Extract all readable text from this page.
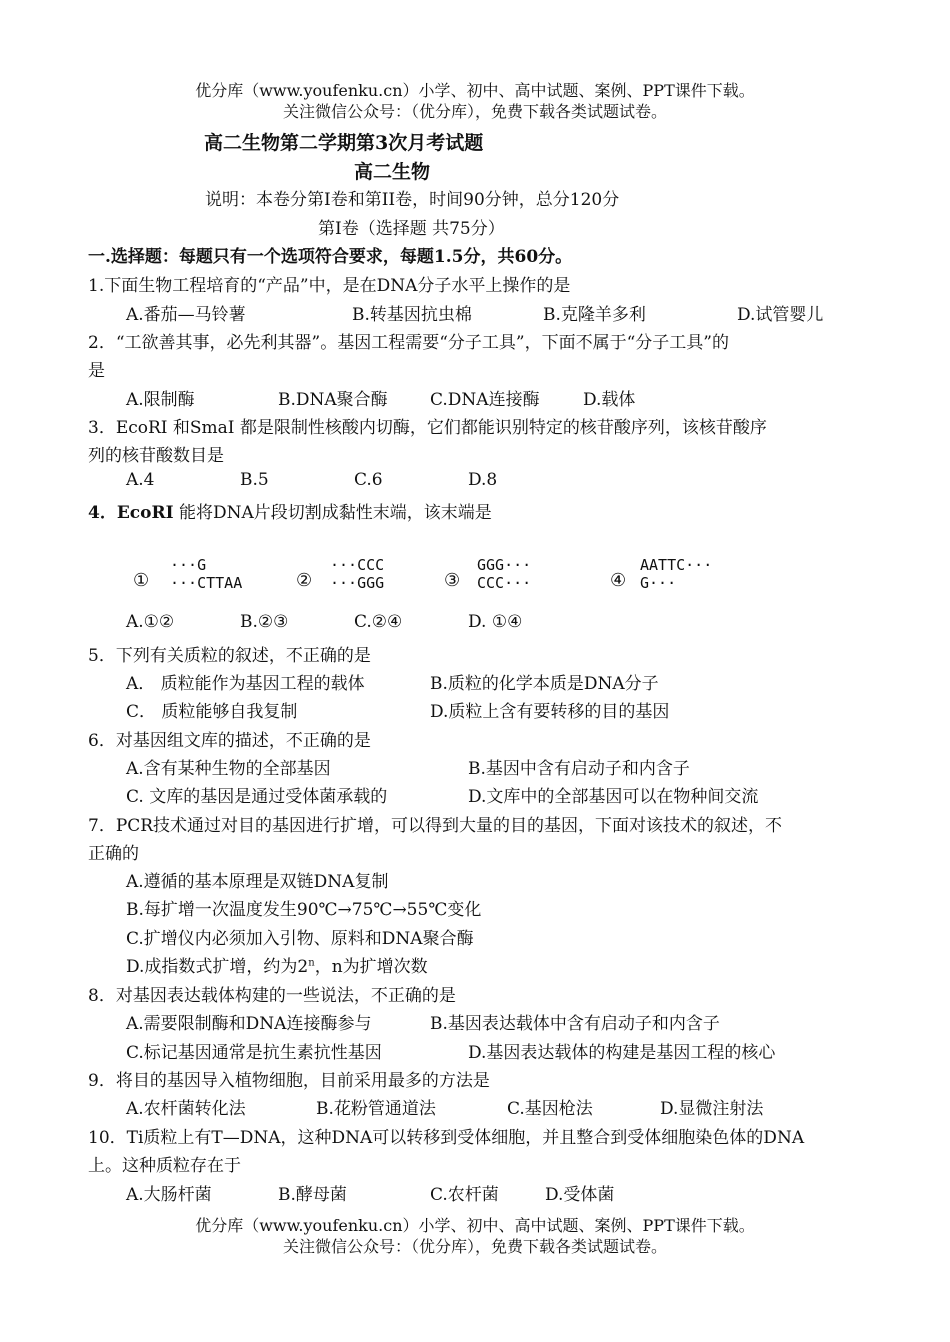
优分库（www.youfenku.cn）小学、初中、高中试题、案例、PPT课件下载。
关注微信公众号：（优分库），免费下载各类试题试卷。
高二生物第二学期第3次月考试题
高二生物
说明：本卷分第I卷和第II卷，时间90分钟，总分120分
第Ⅰ卷（选择题 共75分）
一.选择题：每题只有一个选项符合要求，每题1.5分，共60分。
1.下面生物工程培育的“产品”中，是在DNA分子水平上操作的是
A.番茄—马铃薯	B.转基因抗虫棉	B.克隆羊多利	D.试管婴儿
2．“工欲善其事，必先利其器”。基因工程需要“分子工具”，下面不属于“分子工具”的
是
A.限制酶	B.DNA聚合酶 C.DNA连接酶	D.载体
3．EcoRⅠ 和SmaⅠ 都是限制性核酸内切酶，它们都能识别特定的核苷酸序列，该核苷酸序
列的核苷酸数目是
A.4	B.5	C.6	D.8
4．EcoRⅠ 能将DNA片段切割成黏性末端，该末端是
①
···G
···CTTAA	②
···CCC
···GGG	③
GGG···
CCC···	④
AATTC···
G···
A.①②	B.②③	C.②④	D. ①④
5．下列有关质粒的叙述，不正确的是
A． 质粒能作为基因工程的载体	B.质粒的化学本质是DNA分子
C． 质粒能够自我复制	D.质粒上含有要转移的目的基因
6．对基因组文库的描述，不正确的是
A.含有某种生物的全部基因	B.基因中含有启动子和内含子
C. 文库的基因是通过受体菌承载的	D.文库中的全部基因可以在物种间交流
7．PCR技术通过对目的基因进行扩增，可以得到大量的目的基因，下面对该技术的叙述，不
正确的
A.遵循的基本原理是双链DNA复制
B.每扩增一次温度发生90℃→75℃→55℃变化
C.扩增仪内必须加入引物、原料和DNA聚合酶
D.成指数式扩增，约为2$^n$，n为扩增次数
8．对基因表达载体构建的一些说法，不正确的是
A.需要限制酶和DNA连接酶参与	B.基因表达载体中含有启动子和内含子
C.标记基因通常是抗生素抗性基因	D.基因表达载体的构建是基因工程的核心
9．将目的基因导入植物细胞，目前采用最多的方法是
A.农杆菌转化法	B.花粉管通道法	C.基因枪法	D.显微注射法
10．Ti质粒上有T—DNA，这种DNA可以转移到受体细胞，并且整合到受体细胞染色体的DNA
上。这种质粒存在于
A.大肠杆菌	B.酵母菌	C.农杆菌	D.受体菌
优分库（www.youfenku.cn）小学、初中、高中试题、案例、PPT课件下载。
关注微信公众号：（优分库），免费下载各类试题试卷。
